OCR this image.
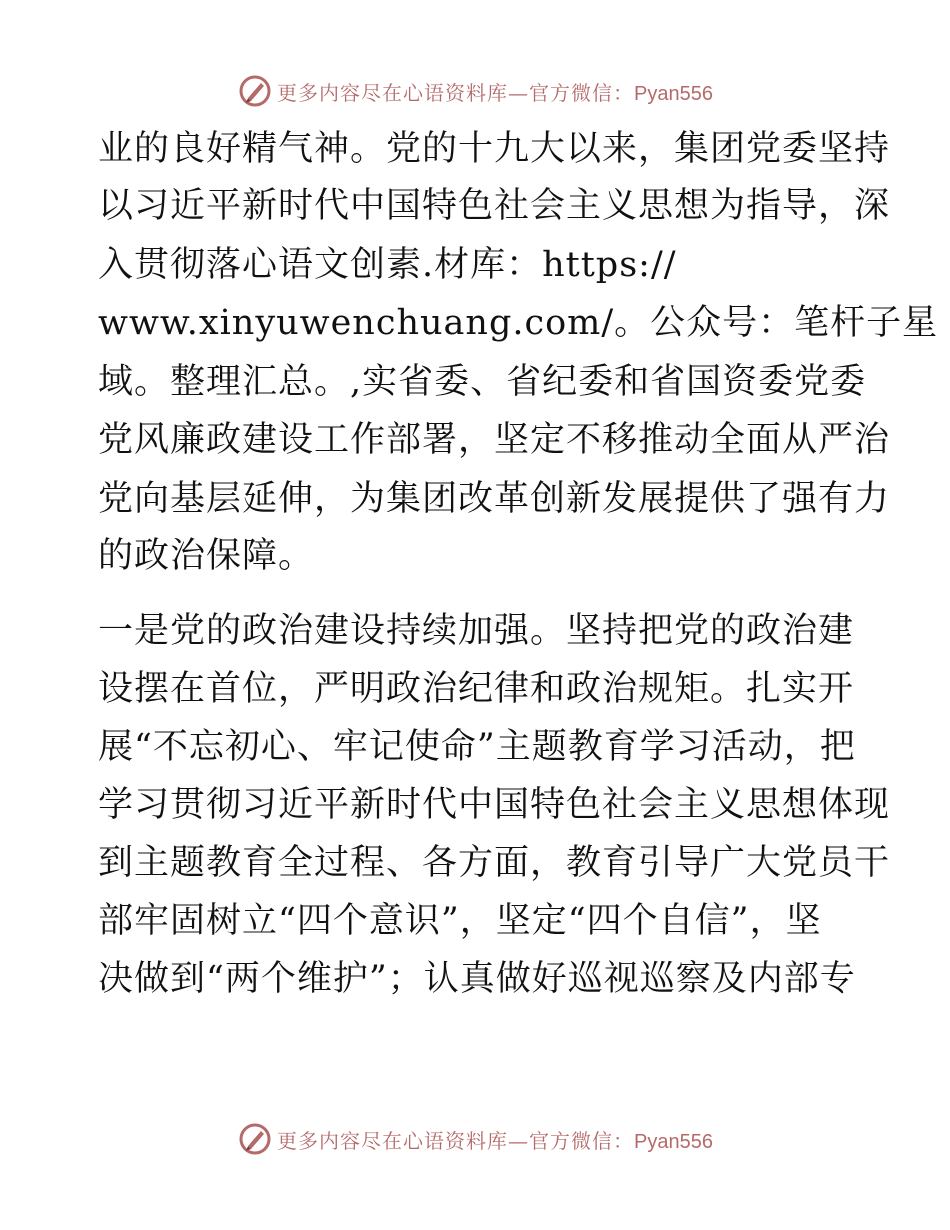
更多内容尽在心语资料库—官方微信：Pyan556
业的良好精气神。党的十九大以来，集团党委坚持
以习近平新时代中国特色社会主义思想为指导，深
入贯彻落心语文创素.材库：https://
www.xinyuwenchuang.com/。公众号：笔杆子星
域。整理汇总。,实省委、省纪委和省国资委党委
党风廉政建设工作部署，坚定不移推动全面从严治
党向基层延伸，为集团改革创新发展提供了强有力
的政治保障。
一是党的政治建设持续加强。坚持把党的政治建
设摆在首位，严明政治纪律和政治规矩。扎实开
展“不忘初心、牢记使命”主题教育学习活动，把
学习贯彻习近平新时代中国特色社会主义思想体现
到主题教育全过程、各方面，教育引导广大党员干
部牢固树立“四个意识”，坚定“四个自信”，坚
决做到“两个维护”；认真做好巡视巡察及内部专
更多内容尽在心语资料库—官方微信：Pyan556
